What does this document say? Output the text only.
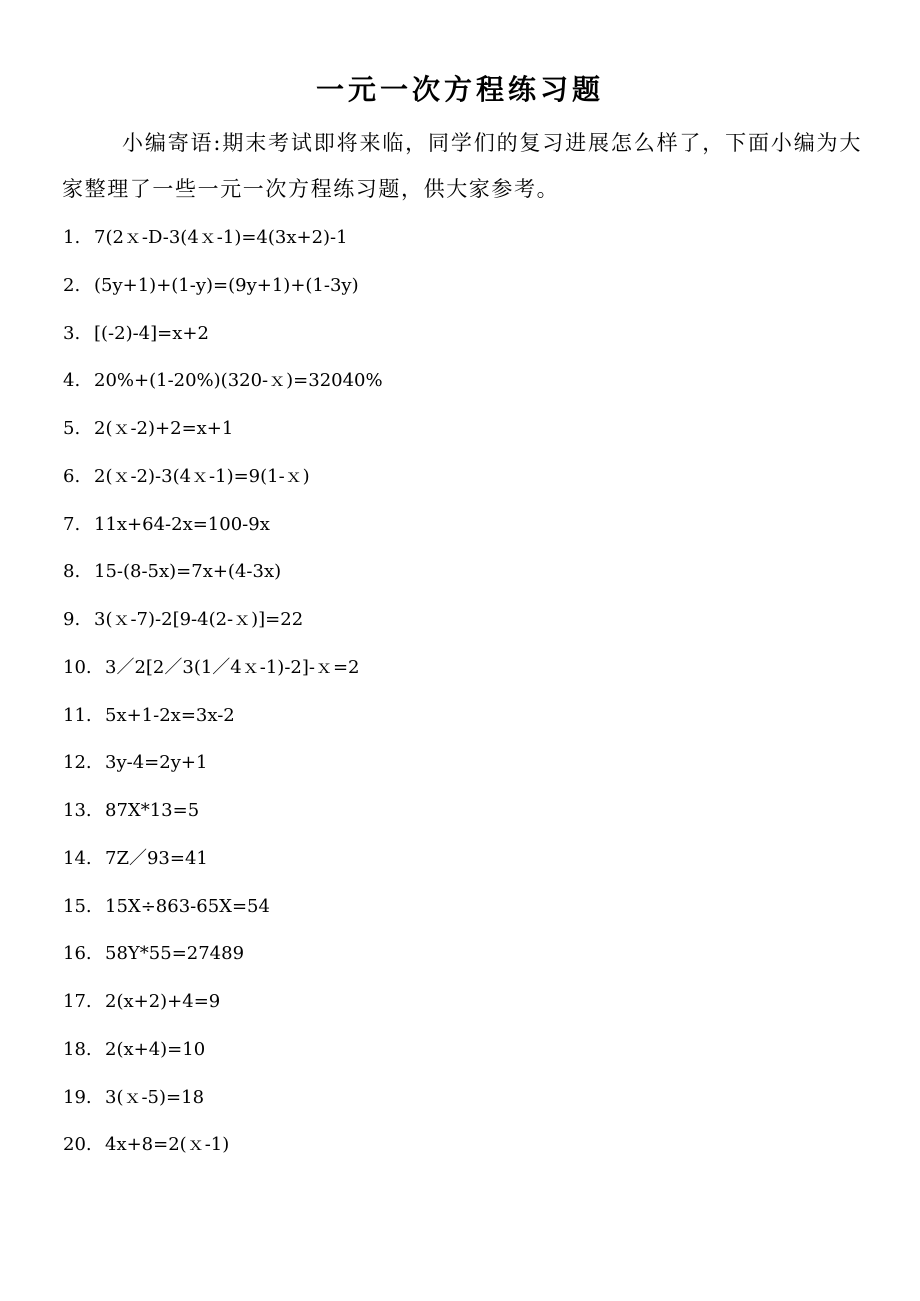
一元一次方程练习题
小编寄语:期末考试即将来临，同学们的复习进展怎么样了，下面小编为大家整理了一些一元一次方程练习题，供大家参考。
1. 7(2ｘ-D-3(4ｘ-1)=4(3x+2)-1
2. (5y+1)+(1-y)=(9y+1)+(1-3y)
3. [(-2)-4]=x+2
4. 20%+(1-20%)(320-ｘ)=32040%
5. 2(ｘ-2)+2=x+1
6. 2(ｘ-2)-3(4ｘ-1)=9(1-ｘ)
7. 11x+64-2x=100-9x
8. 15-(8-5x)=7x+(4-3x)
9. 3(ｘ-7)-2[9-4(2-ｘ)]=22
10. 3／2[2／3(1／4ｘ-1)-2]-ｘ=2
11. 5x+1-2x=3x-2
12. 3y-4=2y+1
13. 87X*13=5
14. 7Z／93=41
15. 15X÷863-65X=54
16. 58Y*55=27489
17. 2(x+2)+4=9
18. 2(x+4)=10
19. 3(ｘ-5)=18
20. 4x+8=2(ｘ-1)
